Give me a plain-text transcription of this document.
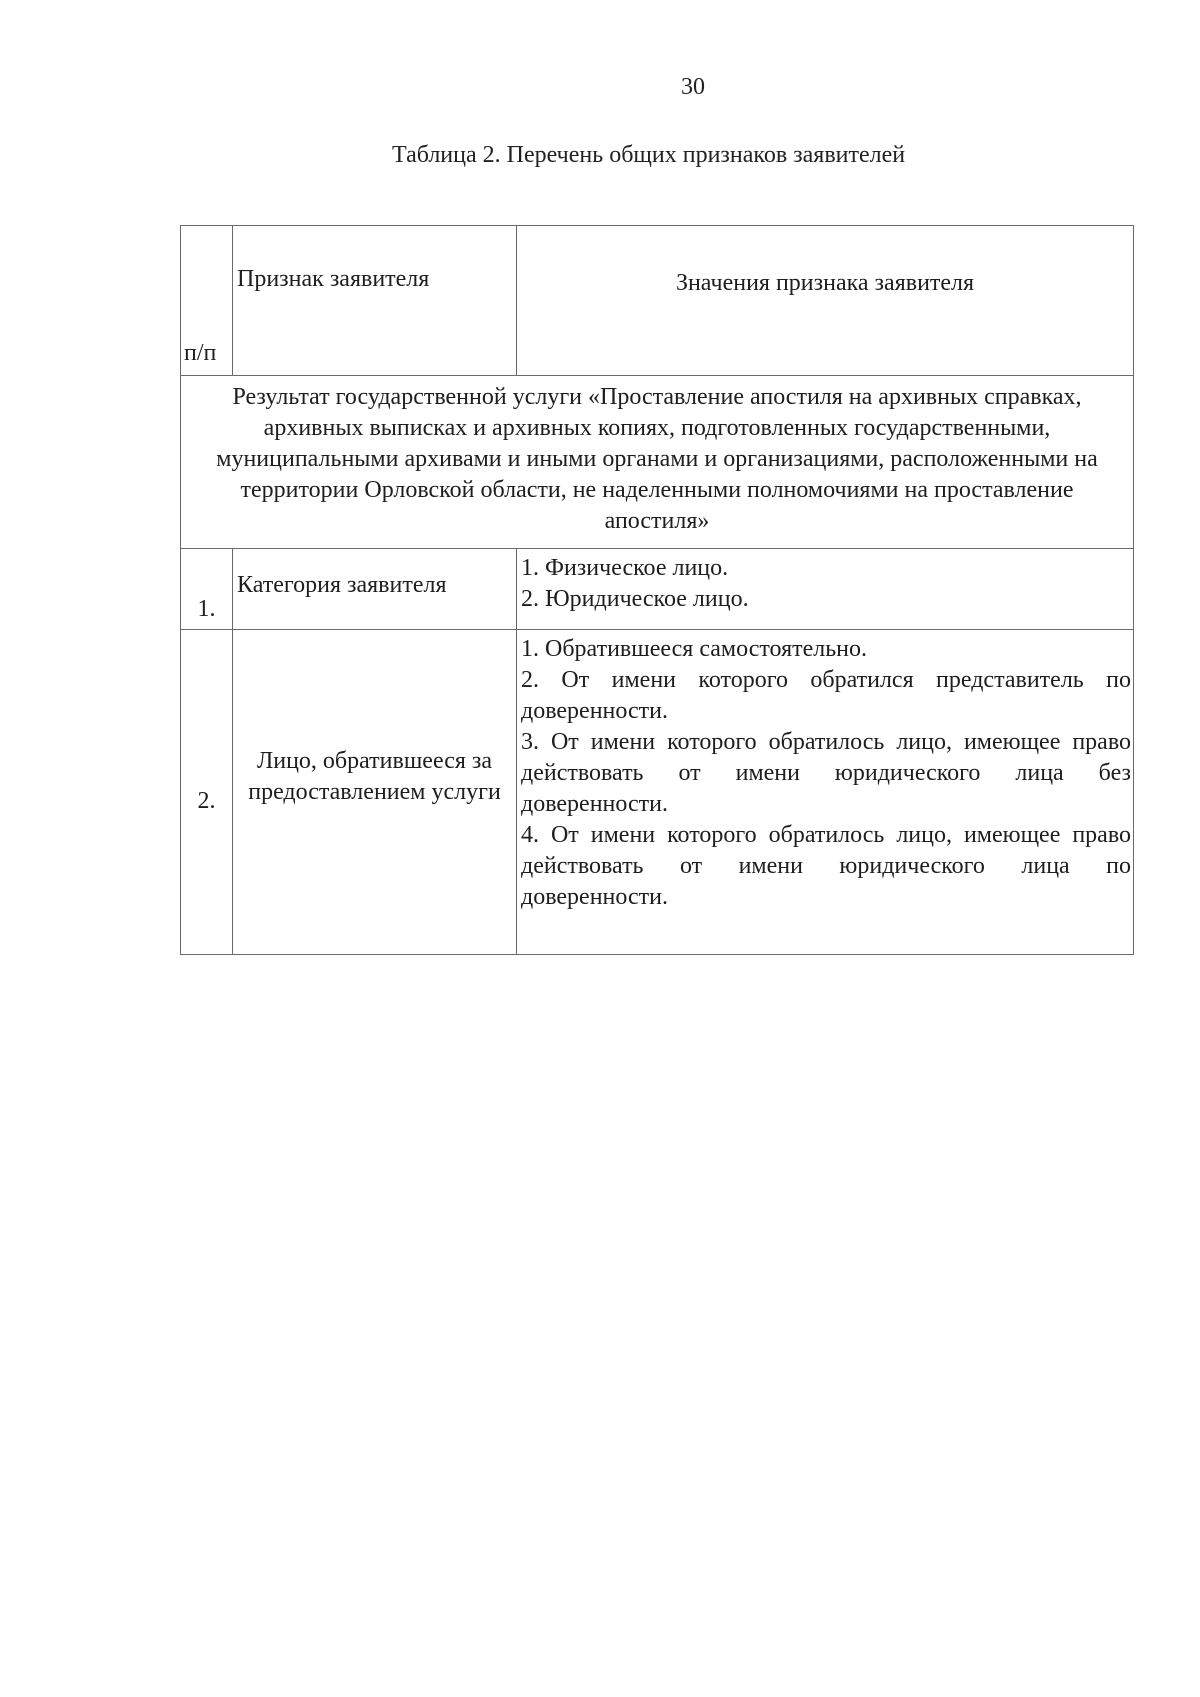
30
Таблица 2. Перечень общих признаков заявителей
п/п	Признак заявителя	Значения признака заявителя
Результат государственной услуги «Проставление апостиля на архивных справках, архивных выписках и архивных копиях, подготовленных государственными, муниципальными архивами и иными органами и организациями, расположенными на территории Орловской области, не наделенными полномочиями на проставление апостиля»		
1.	Категория заявителя	1. Физическое лицо.
2. Юридическое лицо.

2.	Лицо, обратившееся за предоставлением услуги	1. Обратившееся самостоятельно.
2. От имени которого обратился представитель по доверенности.
3. От имени которого обратилось лицо, имеющее право действовать от имени юридического лица без доверенности.
4. От имени которого обратилось лицо, имеющее право действовать от имени юридического лица по доверенности.
